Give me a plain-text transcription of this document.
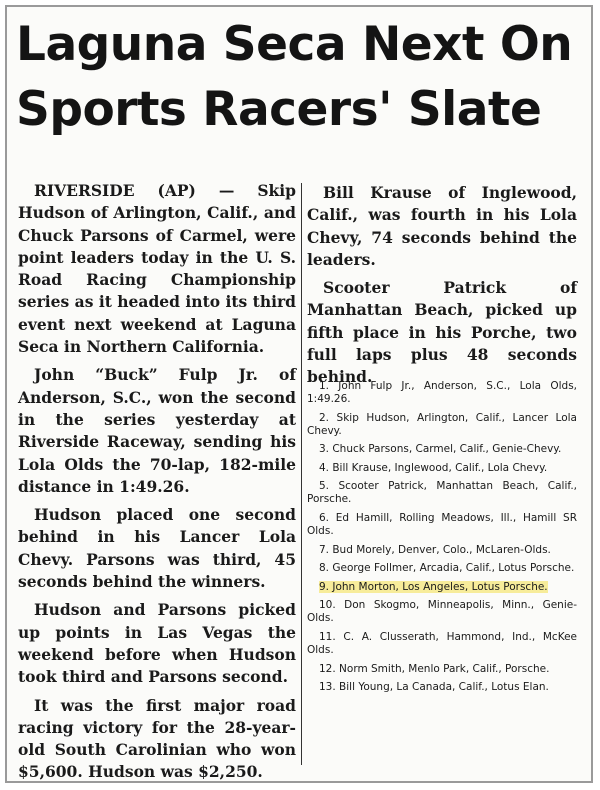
Laguna Seca Next On Sports Racers' Slate

RIVERSIDE (AP) — Skip Hudson of Arlington, Calif., and Chuck Parsons of Carmel, were point leaders today in the U. S. Road Racing Championship series as it headed into its third event next weekend at Laguna Seca in Northern California.

John “Buck” Fulp Jr. of Anderson, S.C., won the second in the series yesterday at Riverside Raceway, sending his Lola Olds the 70-lap, 182-mile distance in 1:49.26.

Hudson placed one second behind in his Lancer Lola Chevy. Parsons was third, 45 seconds behind the winners.

Hudson and Parsons picked up points in Las Vegas the weekend before when Hudson took third and Parsons second.

It was the first major road racing victory for the 28-year-old South Carolinian who won $5,600. Hudson was $2,250.

Bill Krause of Inglewood, Calif., was fourth in his Lola Chevy, 74 seconds behind the leaders.

Scooter Patrick of Manhattan Beach, picked up fifth place in his Porche, two full laps plus 48 seconds behind.

1. John Fulp Jr., Anderson, S.C., Lola Olds, 1:49.26.
2. Skip Hudson, Arlington, Calif., Lancer Lola Chevy.
3. Chuck Parsons, Carmel, Calif., Genie-Chevy.
4. Bill Krause, Inglewood, Calif., Lola Chevy.
5. Scooter Patrick, Manhattan Beach, Calif., Porsche.
6. Ed Hamill, Rolling Meadows, Ill., Hamill SR Olds.
7. Bud Morely, Denver, Colo., McLaren-Olds.
8. George Follmer, Arcadia, Calif., Lotus Porsche.
9. John Morton, Los Angeles, Lotus Porsche.
10. Don Skogmo, Minneapolis, Minn., Genie-Olds.
11. C. A. Clusserath, Hammond, Ind., McKee Olds.
12. Norm Smith, Menlo Park, Calif., Porsche.
13. Bill Young, La Canada, Calif., Lotus Elan.
